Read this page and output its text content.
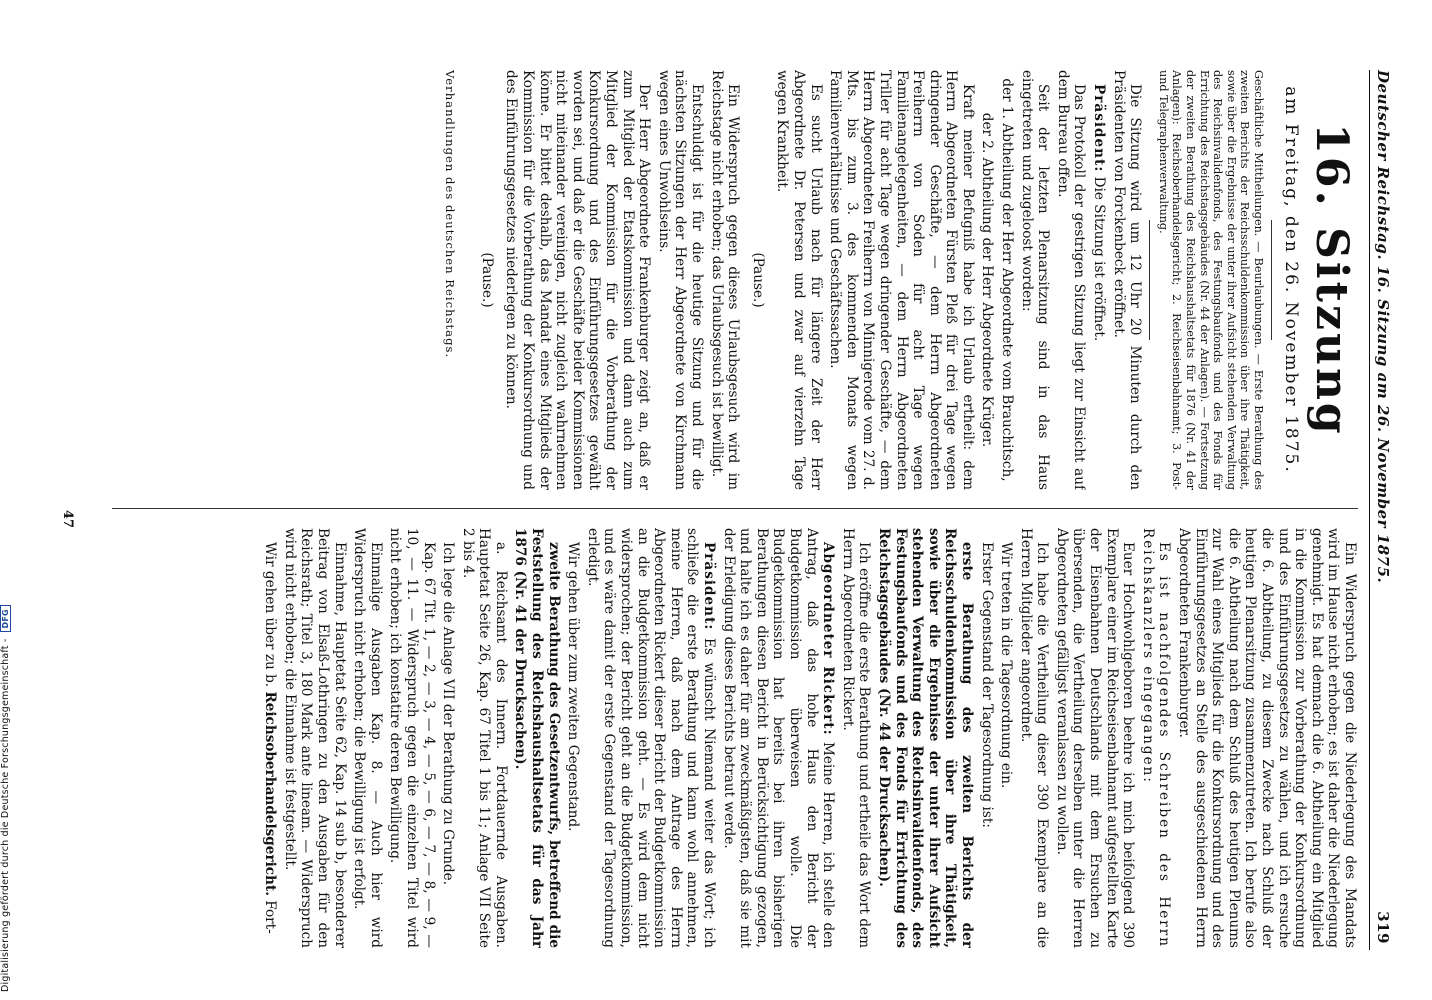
Digitalisierung gefördert durch die Deutsche Forschungsgemeinschaft -DFG
Deutscher Reichstag. 16. Sitzung am 26. November 1875.
319
16. Sitzung
am Freitag, den 26. November 1875.

Geschäftliche Mittheilungen. — Beurlaubungen. — Erste Berathung des zweiten Berichts der Reichsschuldenkommission über ihre Thätigkeit, sowie über die Ergebnisse der unter ihrer Aufsicht stehenden Verwaltung des Reichsinvalidenfonds, des Festungsbaufonds und des Fonds für Errichtung des Reichstagsgebäudes (Nr. 44 der Anlagen). — Fortsetzung der zweiten Berathung des Reichshaushaltsetats für 1876 (Nr. 41 der Anlagen): Reichsoberhandelsgericht; 2. Reichseisenbahnamt; 3. Post- und Telegraphenverwaltung.

Die Sitzung wird um 12 Uhr 20 Minuten durch den Präsidenten von Forckenbeck eröffnet.

Präsident: Die Sitzung ist eröffnet.

Das Protokoll der gestrigen Sitzung liegt zur Einsicht auf dem Bureau offen.

Seit der letzten Plenarsitzung sind in das Haus eingetreten und zugeloost worden:

der 1. Abtheilung der Herr Abgeordnete vom Brauchitsch,

der 2. Abtheilung der Herr Abgeordnete Krüger.

Kraft meiner Befugniß habe ich Urlaub ertheilt: dem Herrn Abgeordneten Fürsten Pleß für drei Tage wegen dringender Geschäfte, — dem Herrn Abgeordneten Freiherrn von Soden für acht Tage wegen Familienangelegenheiten, — dem Herrn Abgeordneten Triller für acht Tage wegen dringender Geschäfte, — dem Herrn Abgeordneten Freiherrn von Minnigerode vom 27. d. Mts. bis zum 3. des kommenden Monats wegen Familienverhältnisse und Geschäftssachen.

Es sucht Urlaub nach für längere Zeit der Herr Abgeordnete Dr. Petersen und zwar auf vierzehn Tage wegen Krankheit.

(Pause.)

Ein Widerspruch gegen dieses Urlaubsgesuch wird im Reichstage nicht erhoben; das Urlaubsgesuch ist bewilligt.

Entschuldigt ist für die heutige Sitzung und für die nächsten Sitzungen der Herr Abgeordnete von Kirchmann wegen eines Unwohlseins.

Der Herr Abgeordnete Frankenburger zeigt an, daß er zum Mitglied der Etatskommission und dann auch zum Mitglied der Kommission für die Vorberathung der Konkursordnung und des Einführungsgesetzes gewählt worden sei, und daß er die Geschäfte beider Kommissionen nicht miteinander vereinigen, nicht zugleich wahrnehmen könne. Er bittet deshalb, das Mandat eines Mitglieds der Kommission für die Vorberathung der Konkursordnung und des Einführungsgesetzes niederlegen zu können.

(Pause.)

Verhandlungen des deutschen Reichstags.

Ein Widerspruch gegen die Niederlegung des Mandats wird im Hause nicht erhoben; es ist daher die Niederlegung genehmigt. Es hat demnach die 6. Abtheilung ein Mitglied in die Kommission zur Vorberathung der Konkursordnung und des Einführungsgesetzes zu wählen, und ich ersuche die 6. Abtheilung, zu diesem Zwecke nach Schluß der heutigen Plenarsitzung zusammenzutreten. Ich berufe also die 6. Abtheilung nach dem Schluß des heutigen Plenums zur Wahl eines Mitglieds für die Konkursordnung und des Einführungsgesetzes an Stelle des ausgeschiedenen Herrn Abgeordneten Frankenburger.

Es ist nachfolgendes Schreiben des Herrn Reichskanzlers eingegangen:

Euer Hochwohlgeboren beehre ich mich beifolgend 390 Exemplare einer im Reichseisenbahnamt aufgestellten Karte der Eisenbahnen Deutschlands mit dem Ersuchen zu übersenden, die Vertheilung derselben unter die Herren Abgeordneten gefälligst veranlassen zu wollen.

Ich habe die Vertheilung dieser 390 Exemplare an die Herren Mitglieder angeordnet.

Wir treten in die Tagesordnung ein.

Erster Gegenstand der Tagesordnung ist:

erste Berathung des zweiten Berichts der Reichsschuldenkommission über ihre Thätigkeit, sowie über die Ergebnisse der unter ihrer Aufsicht stehenden Verwaltung des Reichsinvalidenfonds, des Festungsbaufonds und des Fonds für Errichtung des Reichstagsgebäudes (Nr. 44 der Drucksachen).

Ich eröffne die erste Berathung und ertheile das Wort dem Herrn Abgeordneten Rickert.

Abgeordneter Rickert: Meine Herren, ich stelle den Antrag, daß das hohe Haus den Bericht der Budgetkommission überweisen wolle. Die Budgetkommission hat bereits bei ihren bisherigen Berathungen diesen Bericht in Berücksichtigung gezogen, und halte ich es daher für am zweckmäßigsten, daß sie mit der Erledigung dieses Berichts betraut werde.

Präsident: Es wünscht Niemand weiter das Wort; ich schließe die erste Berathung und kann wohl annehmen, meine Herren, daß nach dem Antrage des Herrn Abgeordneten Rickert dieser Bericht der Budgetkommission an die Budgetkommission geht. — Es wird dem nicht widersprochen; der Bericht geht an die Budgetkommission, und es wäre damit der erste Gegenstand der Tagesordnung erledigt.

Wir gehen über zum zweiten Gegenstand.

zweite Berathung des Gesetzentwurfs, betreffend die Feststellung des Reichshaushaltsetats für das Jahr 1876 (Nr. 41 der Drucksachen).

a. Reichsamt des Innern. Fortdauernde Ausgaben. Hauptetat Seite 26, Kap. 67 Titel 1 bis 11; Anlage VII Seite 2 bis 4.

Ich lege die Anlage VII der Berathung zu Grunde.

Kap. 67 Tit. 1, — 2, — 3, — 4, — 5, — 6, — 7, — 8, — 9, — 10, — 11. — Widerspruch gegen die einzelnen Titel wird nicht erhoben; ich konstatire deren Bewilligung.

Einmalige Ausgaben Kap. 8. — Auch hier wird Widerspruch nicht erhoben; die Bewilligung ist erfolgt.

Einnahme, Hauptetat Seite 62, Kap. 14 sub b, besonderer Beitrag von Elsaß-Lothringen zu den Ausgaben für den Reichsrath; Titel 3, 180 Mark ante lineam. — Widerspruch wird nicht erhoben; die Einnahme ist festgestellt.

Wir gehen über zu b. Reichsoberhandelsgericht. Fort-

47
